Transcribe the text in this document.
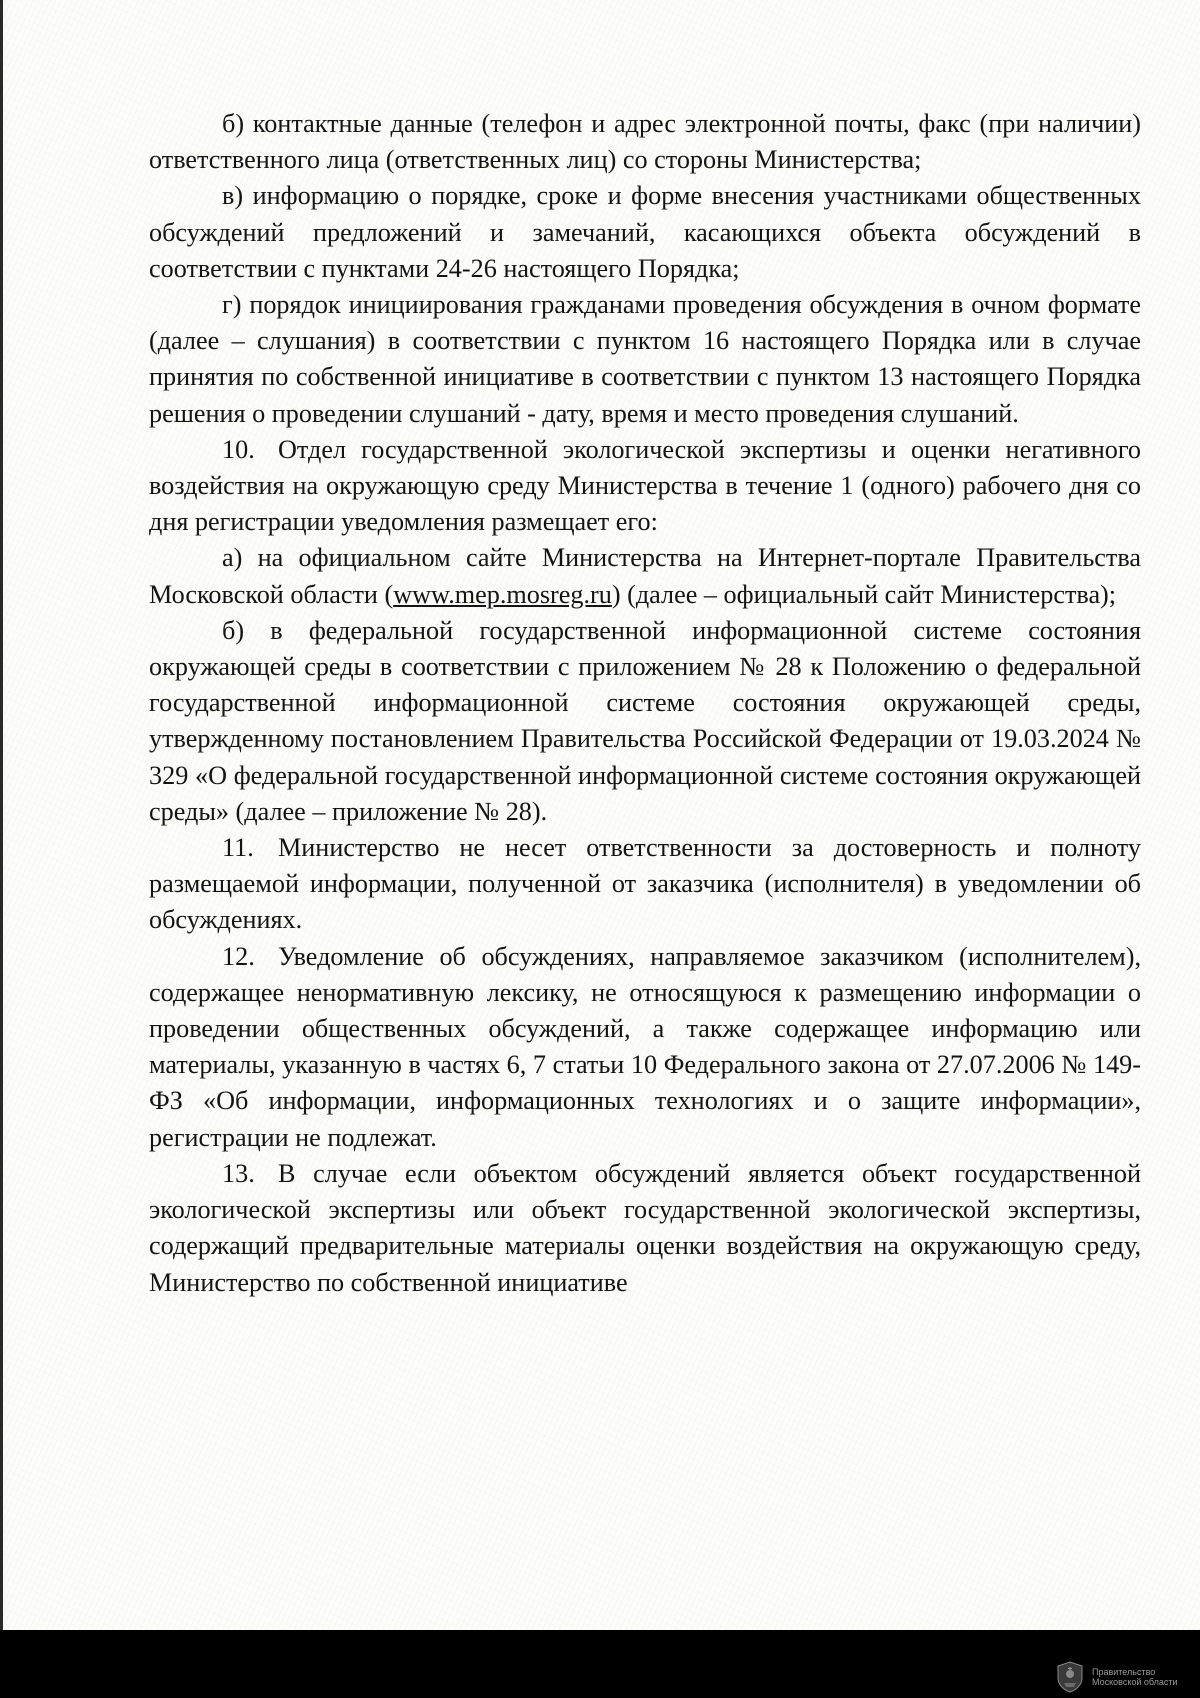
б) контактные данные (телефон и адрес электронной почты, факс (при наличии) ответственного лица (ответственных лиц) со стороны Министерства;

в) информацию о порядке, сроке и форме внесения участниками общественных обсуждений предложений и замечаний, касающихся объекта обсуждений в соответствии с пунктами 24-26 настоящего Порядка;

г) порядок инициирования гражданами проведения обсуждения в очном формате (далее – слушания) в соответствии с пунктом 16 настоящего Порядка или в случае принятия по собственной инициативе в соответствии с пунктом 13 настоящего Порядка решения о проведении слушаний - дату, время и место проведения слушаний.

10. Отдел государственной экологической экспертизы и оценки негативного воздействия на окружающую среду Министерства в течение 1 (одного) рабочего дня со дня регистрации уведомления размещает его:

а) на официальном сайте Министерства на Интернет-портале Правительства Московской области (www.mep.mosreg.ru) (далее – официальный сайт Министерства);

б) в федеральной государственной информационной системе состояния окружающей среды в соответствии с приложением № 28 к Положению о федеральной государственной информационной системе состояния окружающей среды, утвержденному постановлением Правительства Российской Федерации от 19.03.2024 № 329 «О федеральной государственной информационной системе состояния окружающей среды» (далее – приложение № 28).

11. Министерство не несет ответственности за достоверность и полноту размещаемой информации, полученной от заказчика (исполнителя) в уведомлении об обсуждениях.

12. Уведомление об обсуждениях, направляемое заказчиком (исполнителем), содержащее ненормативную лексику, не относящуюся к размещению информации о проведении общественных обсуждений, а также содержащее информацию или материалы, указанную в частях 6, 7 статьи 10 Федерального закона от 27.07.2006 № 149-ФЗ «Об информации, информационных технологиях и о защите информации», регистрации не подлежат.

13. В случае если объектом обсуждений является объект государственной экологической экспертизы или объект государственной экологической экспертизы, содержащий предварительные материалы оценки воздействия на окружающую среду, Министерство по собственной инициативе

Правительство
Московской области
